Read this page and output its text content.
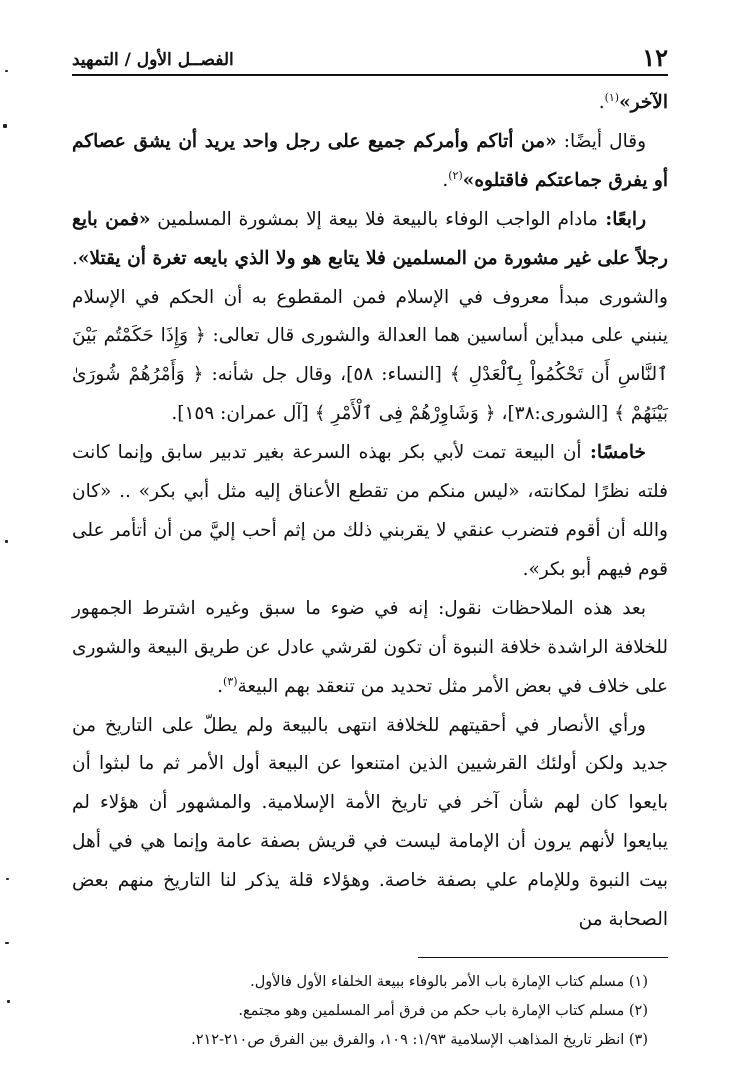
الفصــل الأول / التمهيد	١٢

الآخر»$^{(١)}$.

وقال أيضًا: «من أتاكم وأمركم جميع على رجل واحد يريد أن يشق عصاكم أو يفرق جماعتكم فاقتلوه»$^{(٢)}$.

رابعًا: مادام الواجب الوفاء بالبيعة فلا بيعة إلا بمشورة المسلمين «فمن بايع رجلاً على غير مشورة من المسلمين فلا يتابع هو ولا الذي بايعه تغرة أن يقتلا». والشورى مبدأ معروف في الإسلام فمن المقطوع به أن الحكم في الإسلام ينبني على مبدأين أساسين هما العدالة والشورى قال تعالى: ﴿ وَإِذَا حَكَمْتُم بَيْنَ ٱلنَّاسِ أَن تَحْكُمُواْ بِٱلْعَدْلِ ﴾ [النساء: ٥٨]، وقال جل شأنه: ﴿ وَأَمْرُهُمْ شُورَىٰ بَيْنَهُمْ ﴾ [الشورى:٣٨]، ﴿ وَشَاوِرْهُمْ فِى ٱلْأَمْرِ ﴾ [آل عمران: ١٥٩].

خامسًا: أن البيعة تمت لأبي بكر بهذه السرعة بغير تدبير سابق وإنما كانت فلته نظرًا لمكانته، «ليس منكم من تقطع الأعناق إليه مثل أبي بكر» .. «كان والله أن أقوم فتضرب عنقي لا يقربني ذلك من إثم أحب إليَّ من أن أتأمر على قوم فيهم أبو بكر».

بعد هذه الملاحظات نقول: إنه في ضوء ما سبق وغيره اشترط الجمهور للخلافة الراشدة خلافة النبوة أن تكون لقرشي عادل عن طريق البيعة والشورى على خلاف في بعض الأمر مثل تحديد من تنعقد بهم البيعة$^{(٣)}$.

ورأي الأنصار في أحقيتهم للخلافة انتهى بالبيعة ولم يطلّ على التاريخ من جديد ولكن أولئك القرشيين الذين امتنعوا عن البيعة أول الأمر ثم ما لبثوا أن بايعوا كان لهم شأن آخر في تاريخ الأمة الإسلامية. والمشهور أن هؤلاء لم يبايعوا لأنهم يرون أن الإمامة ليست في قريش بصفة عامة وإنما هي في أهل بيت النبوة وللإمام علي بصفة خاصة. وهؤلاء قلة يذكر لنا التاريخ منهم بعض الصحابة من

(١) مسلم كتاب الإمارة باب الأمر بالوفاء ببيعة الخلفاء الأول فالأول.

(٢) مسلم كتاب الإمارة باب حكم من فرق أمر المسلمين وهو مجتمع.

(٣) انظر تاريخ المذاهب الإسلامية ١/٩٣: ١٠٩، والفرق بين الفرق ص٢١٠-٢١٢.
